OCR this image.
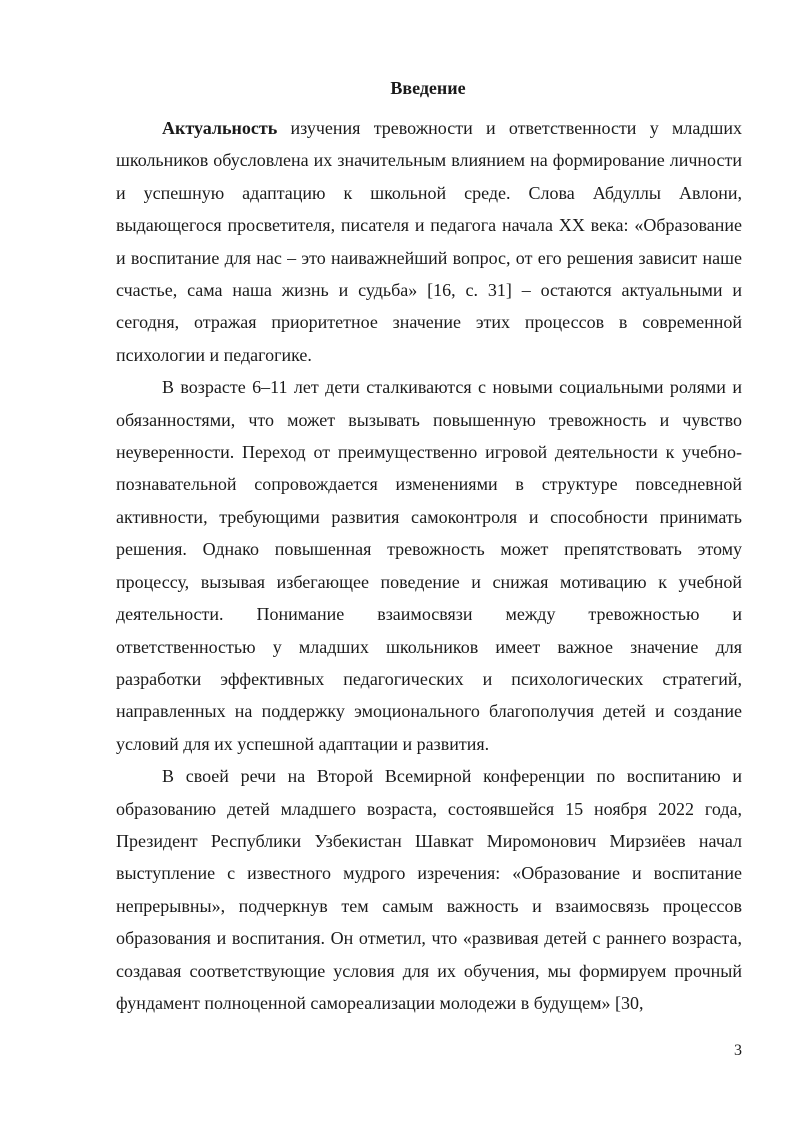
Введение

Актуальность изучения тревожности и ответственности у младших школьников обусловлена их значительным влиянием на формирование личности и успешную адаптацию к школьной среде. Слова Абдуллы Авлони, выдающегося просветителя, писателя и педагога начала XX века: «Образование и воспитание для нас – это наиважнейший вопрос, от его решения зависит наше счастье, сама наша жизнь и судьба» [16, с. 31] – остаются актуальными и сегодня, отражая приоритетное значение этих процессов в современной психологии и педагогике.

В возрасте 6–11 лет дети сталкиваются с новыми социальными ролями и обязанностями, что может вызывать повышенную тревожность и чувство неуверенности. Переход от преимущественно игровой деятельности к учебно-познавательной сопровождается изменениями в структуре повседневной активности, требующими развития самоконтроля и способности принимать решения. Однако повышенная тревожность может препятствовать этому процессу, вызывая избегающее поведение и снижая мотивацию к учебной деятельности. Понимание взаимосвязи между тревожностью и ответственностью у младших школьников имеет важное значение для разработки эффективных педагогических и психологических стратегий, направленных на поддержку эмоционального благополучия детей и создание условий для их успешной адаптации и развития.

В своей речи на Второй Всемирной конференции по воспитанию и образованию детей младшего возраста, состоявшейся 15 ноября 2022 года, Президент Республики Узбекистан Шавкат Миромонович Мирзиёев начал выступление с известного мудрого изречения: «Образование и воспитание непрерывны», подчеркнув тем самым важность и взаимосвязь процессов образования и воспитания. Он отметил, что «развивая детей с раннего возраста, создавая соответствующие условия для их обучения, мы формируем прочный фундамент полноценной самореализации молодежи в будущем» [30,

3
